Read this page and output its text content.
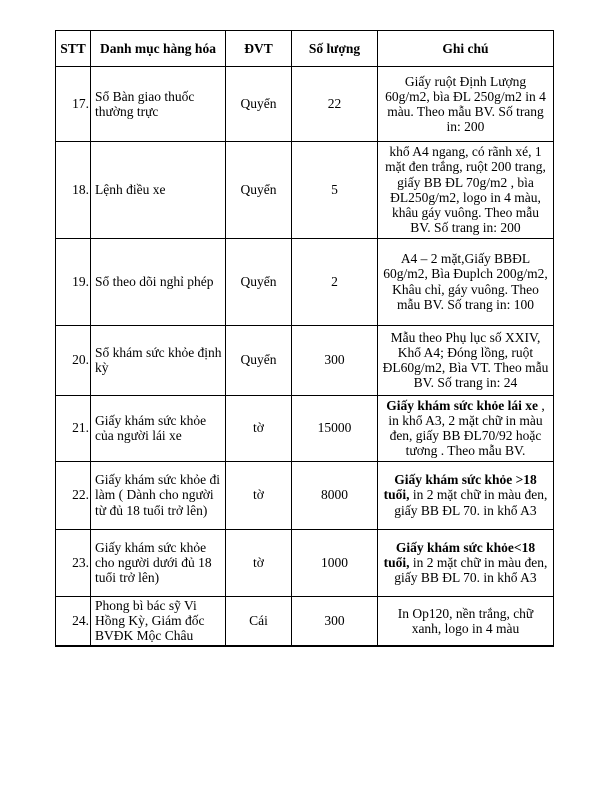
STT	Danh mục hàng hóa	ĐVT	Số lượng	Ghi chú
17.	Sổ Bàn giao thuốc thường trực	Quyển	22	Giấy ruột Định Lượng 60g/m2, bìa ĐL 250g/m2 in 4 màu. Theo mẫu BV. Số trang in: 200
18.	Lệnh điều xe	Quyển	5	khổ A4 ngang, có rãnh xé, 1 mặt đen trắng, ruột 200 trang, giấy BB ĐL 70g/m2 , bìa ĐL250g/m2, logo in 4 màu, khâu gáy vuông. Theo mẫu BV. Số trang in: 200
19.	Sổ theo dõi nghỉ phép	Quyển	2	A4 – 2 mặt,Giấy BBĐL 60g/m2, Bìa Đuplch 200g/m2, Khâu chỉ, gáy vuông. Theo mẫu BV. Số trang in: 100
20.	Sổ khám sức khỏe định kỳ	Quyển	300	Mẫu theo Phụ lục số XXIV, Khổ A4; Đóng lồng, ruột ĐL60g/m2, Bìa VT. Theo mẫu BV. Số trang in: 24
21.	Giấy khám sức khỏe của người lái xe	tờ	15000	Giấy khám sức khỏe lái xe , in khổ A3, 2 mặt chữ in màu đen, giấy BB ĐL70/92 hoặc tương . Theo mẫu BV.
22.	Giấy khám sức khỏe đi làm ( Dành cho người từ đủ 18 tuổi trở lên)	tờ	8000	Giấy khám sức khỏe >18 tuổi, in 2 mặt chữ in màu đen, giấy BB ĐL 70. in khổ A3
23.	Giấy khám sức khỏe cho người dưới đủ 18 tuổi trở lên)	tờ	1000	Giấy khám sức khỏe<18 tuổi, in 2 mặt chữ in màu đen, giấy BB ĐL 70. in khổ A3
24.	Phong bì bác sỹ Vi Hồng Kỳ, Giám đốc BVĐK Mộc Châu	Cái	300	In Op120, nền trắng, chữ xanh, logo in 4 màu
